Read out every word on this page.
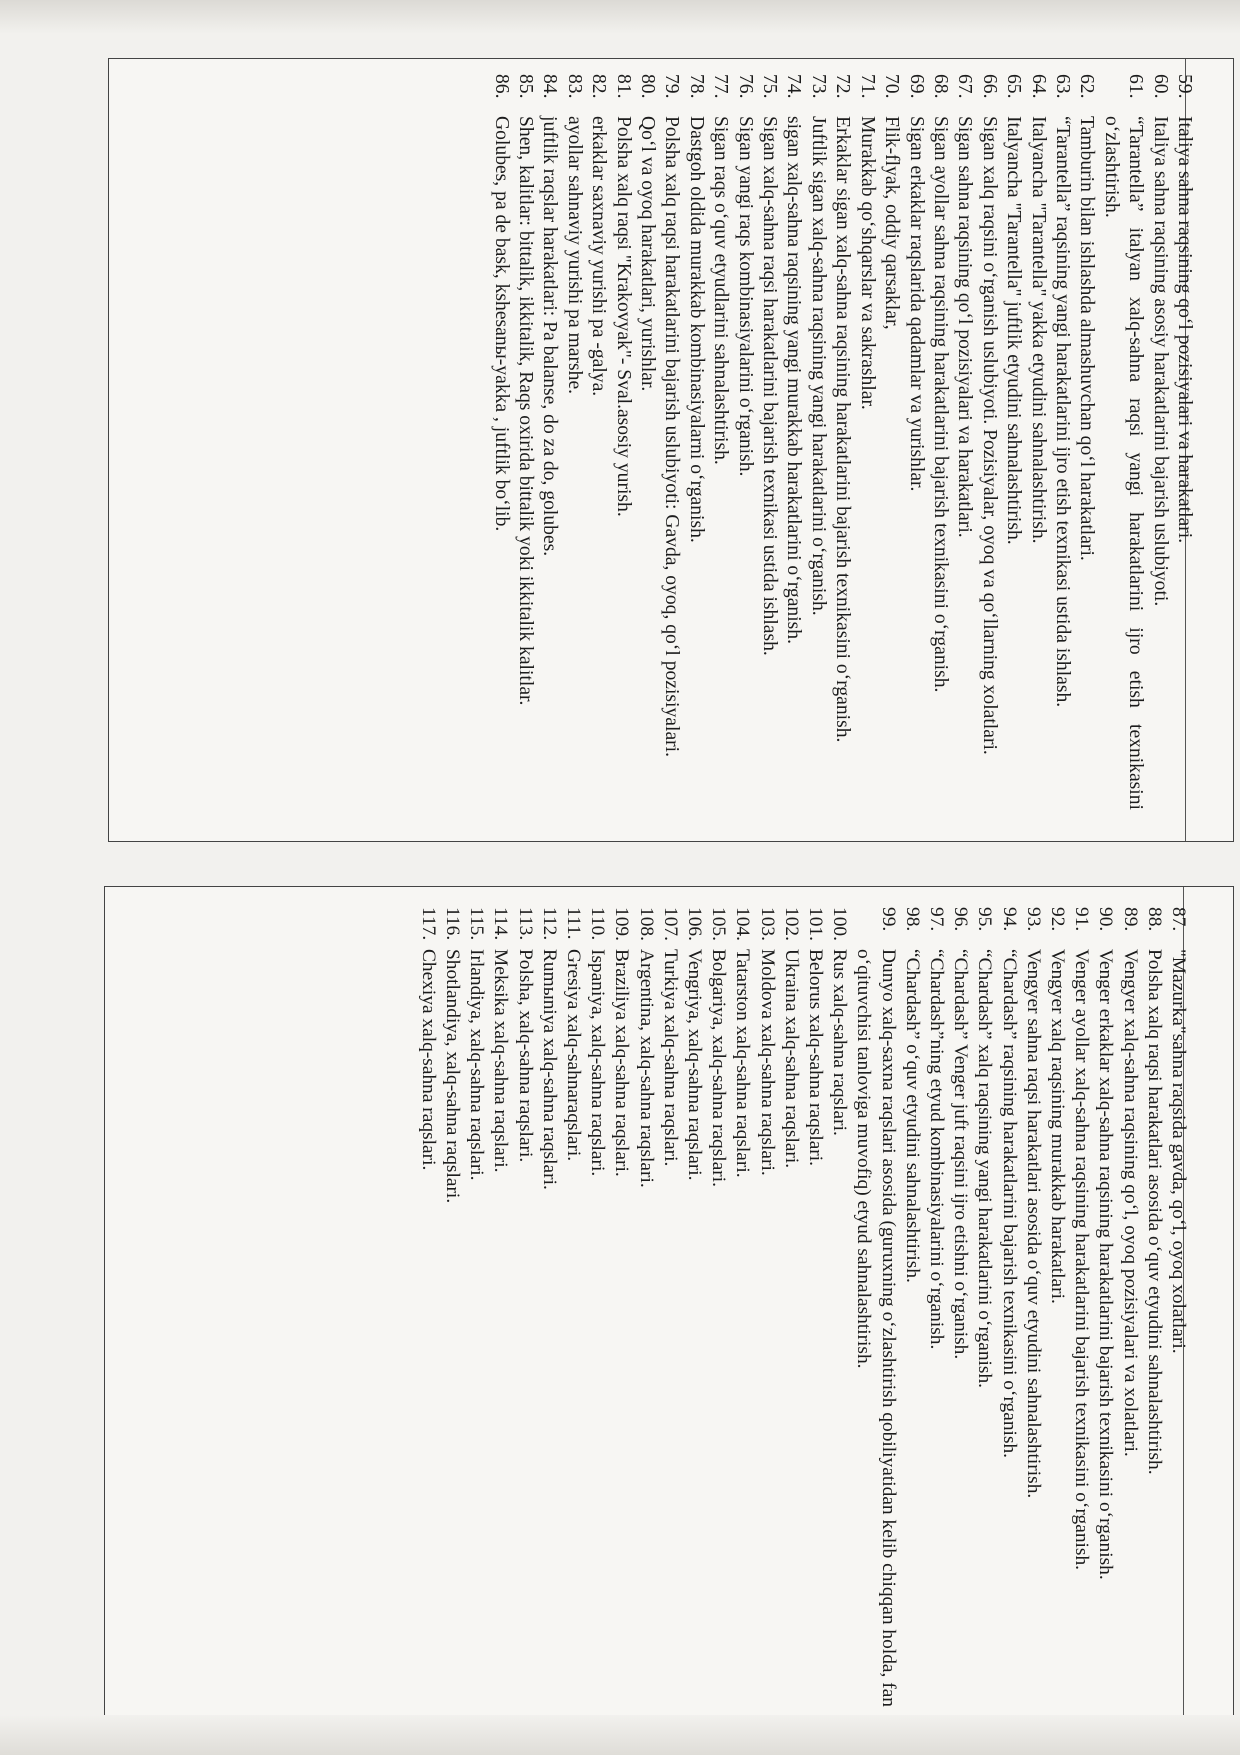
59.
Italiya sahna raqsining qo‘l pozisiyalari va harakatlari.
60.
Italiya sahna raqsining asosiy harakatlarini bajarish uslubiyoti.
61.
“Tarantella” italyan xalq-sahna raqsi yangi harakatlarini ijro etish texnikasini o‘zlashtirish.
62.
Tamburin bilan ishlashda almashuvchan qo‘l harakatlari.
63.
“Tarantella” raqsining yangi harakatlarini ijro etish texnikasi ustida ishlash.
64.
Italyancha "Tarantella" yakka etyudini sahnalashtirish.
65.
Italyancha "Tarantella" juftlik etyudini sahnalashtirish.
66.
Sigan xalq raqsini o‘rganish uslubiyoti. Pozisiyalar, oyoq va qo‘llarning xolatlari.
67.
Sigan sahna raqsining qo‘l pozisiyalari va harakatlari.
68.
Sigan ayollar sahna raqsining harakatlarini bajarish texnikasini o‘rganish.
69.
Sigan erkaklar raqslarida qadamlar va yurishlar.
70.
Flik-flyak, oddiy qarsaklar,
71.
Murakkab qo‘shqarslar va sakrashlar.
72.
Erkaklar sigan xalq-sahna raqsining harakatlarini bajarish texnikasini o‘rganish.
73.
Juftlik sigan xalq-sahna raqsining yangi harakatlarini o‘rganish.
74.
sigan xalq-sahna raqsining yangi murakkab harakatlarini o‘rganish.
75.
Sigan xalq-sahna raqsi harakatlarini bajarish texnikasi ustida ishlash.
76.
Sigan yangi raqs kombinasiyalarini o‘rganish.
77.
Sigan raqs o‘quv etyudlarini sahnalashtirish.
78.
Dastgoh oldida murakkab kombinasiyalarni o‘rganish.
79.
Polsha xalq raqsi harakatlarini bajarish uslubiyoti: Gavda, oyoq, qo‘l pozisiyalari.
80.
Qo‘l va oyoq harakatlari, yurishlar.
81.
Polsha xalq raqsi "Krakovyak"- Sval.asosiy yurish.
82.
erkaklar saxnaviy yurishi pa -galya.
83.
ayollar sahnaviy yurishi pa marshe.
84.
juftlik raqslar harakatlari: Pa balanse, do za do, golubes.
85.
Shen, kalitlar: bittalik, ikkitalik, Raqs oxirida bittalik yoki ikkitalik kalitlar.
86.
Golubes, pa de bask, kshesanы-yakka , juftlik bo‘lib.
87.
"Mazurka"sahna raqsida gavda, qo‘l, oyoq xolatlari.
88.
Polsha xalq raqsi harakatlari asosida o‘quv etyudini sahnalashtirish.
89.
Vengyer xalq-sahna raqsining qo‘l, oyoq pozisiyalari va xolatlari.
90.
Venger erkaklar xalq-sahna raqsining harakatlarini bajarish texnikasini o‘rganish.
91.
Venger ayollar xalq-sahna raqsining harakatlarini bajarish texnikasini o‘rganish.
92.
Vengyer xalq raqsining murakkab harakatlari.
93.
Vengyer sahna raqsi harakatlari asosida o‘quv etyudini sahnalashtirish.
94.
“Chardash” raqsining harakatlarini bajarish texnikasini o‘rganish.
95.
“Chardash” xalq raqsining yangi harakatlarini o‘rganish.
96.
“Chardash” Venger juft raqsini ijro etishni o‘rganish.
97.
“Chardash”ning etyud kombinasiyalarini o‘rganish.
98.
“Chardash” o‘quv etyudini sahnalashtirish.
99.
Dunyo xalq-saxna raqslari asosida (guruxning o‘zlashtirish qobiliyatidan kelib chiqqan holda, fan o‘qituvchisi tanloviga muvofiq) etyud sahnalashtirish.
100.
Rus xalq-sahna raqslari.
101.
Belorus xalq-sahna raqslari.
102.
Ukraina xalq-sahna raqslari.
103.
Moldova xalq-sahna raqslari.
104.
Tatarston xalq-sahna raqslari.
105.
Bolgariya, xalq-sahna raqslari.
106.
Vengriya, xalq-sahna raqslari.
107.
Turkiya xalq-sahna raqslari.
108.
Argentina, xalq-sahna raqslari.
109.
Braziliya xalq-sahna raqslari.
110.
Ispaniya, xalq-sahna raqslari.
111.
Gresiya xalq-sahnaraqslari.
112.
Rumыniya xalq-sahna raqslari.
113.
Polsha, xalq-sahna raqslari.
114.
Meksika xalq-sahna raqslari.
115.
Irlandiya, xalq-sahna raqslari.
116.
Shotlandiya, xalq-sahna raqslari.
117.
Chexiya xalq-sahna raqslari.
